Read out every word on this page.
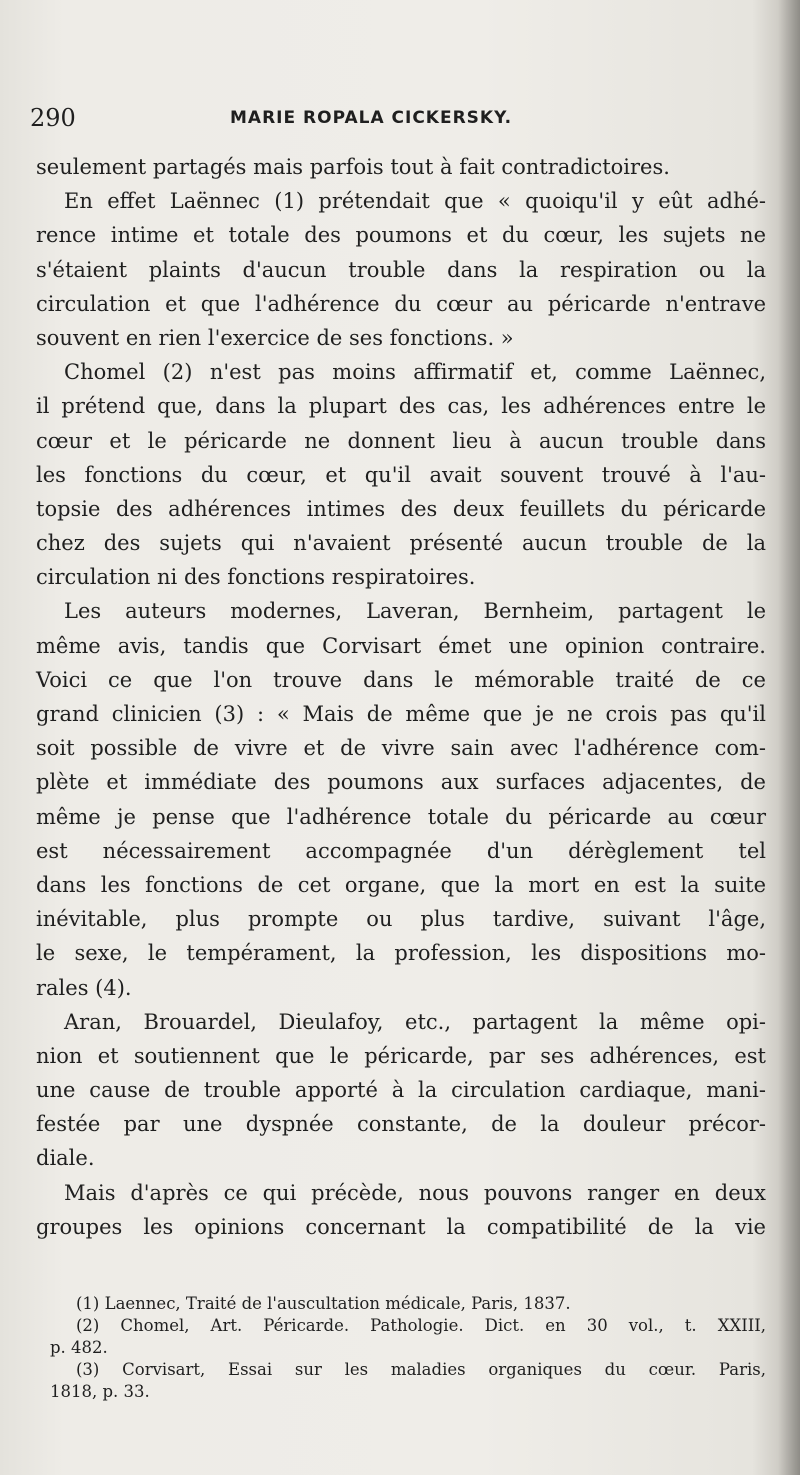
290	MARIE ROPALA CICKERSKY.
seulement partagés mais parfois tout à fait contradictoires.
En effet Laënnec (1) prétendait que « quoiqu'il y eût adhé-
rence intime et totale des poumons et du cœur, les sujets ne
s'étaient plaints d'aucun trouble dans la respiration ou la
circulation et que l'adhérence du cœur au péricarde n'entrave
souvent en rien l'exercice de ses fonctions. »
Chomel (2) n'est pas moins affirmatif et, comme Laënnec,
il prétend que, dans la plupart des cas, les adhérences entre le
cœur et le péricarde ne donnent lieu à aucun trouble dans
les fonctions du cœur, et qu'il avait souvent trouvé à l'au-
topsie des adhérences intimes des deux feuillets du péricarde
chez des sujets qui n'avaient présenté aucun trouble de la
circulation ni des fonctions respiratoires.
Les auteurs modernes, Laveran, Bernheim, partagent le
même avis, tandis que Corvisart émet une opinion contraire.
Voici ce que l'on trouve dans le mémorable traité de ce
grand clinicien (3) : « Mais de même que je ne crois pas qu'il
soit possible de vivre et de vivre sain avec l'adhérence com-
plète et immédiate des poumons aux surfaces adjacentes, de
même je pense que l'adhérence totale du péricarde au cœur
est nécessairement accompagnée d'un dérèglement tel
dans les fonctions de cet organe, que la mort en est la suite
inévitable, plus prompte ou plus tardive, suivant l'âge,
le sexe, le tempérament, la profession, les dispositions mo-
rales (4).
Aran, Brouardel, Dieulafoy, etc., partagent la même opi-
nion et soutiennent que le péricarde, par ses adhérences, est
une cause de trouble apporté à la circulation cardiaque, mani-
festée par une dyspnée constante, de la douleur précor-
diale.
Mais d'après ce qui précède, nous pouvons ranger en deux
groupes les opinions concernant la compatibilité de la vie
(1) Laennec, Traité de l'auscultation médicale, Paris, 1837.
(2) Chomel, Art. Péricarde. Pathologie. Dict. en 30 vol., t. XXIII,
p. 482.
(3) Corvisart, Essai sur les maladies organiques du cœur. Paris,
1818, p. 33.
